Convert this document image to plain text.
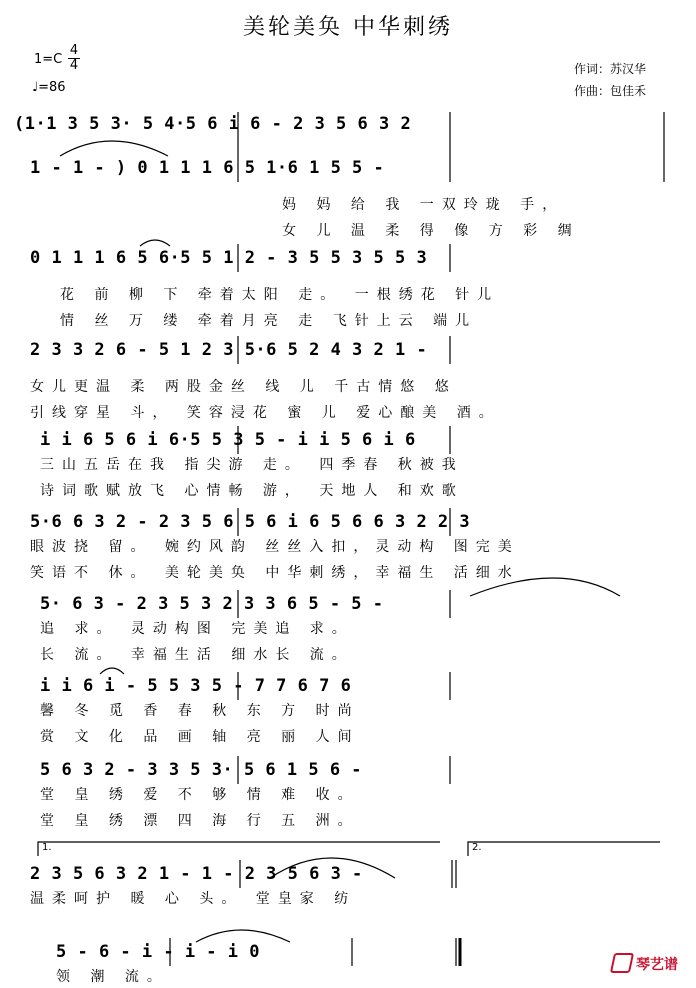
美轮美奂 中华刺绣
1=C
4
4
♩=86
作词：苏汉华
作曲：包佳禾
(1·1 3 5 3· 5 4·5 6 i 6 - 2 3 5 6 3 2
1 - 1 - ) 0 1 1 1 6 5 1·6 1 5 5 -
妈 妈 给 我 一双玲珑 手，
女 儿 温 柔 得 像 方 彩 绸
0 1 1 1 6 5 6·5 5 1 2 - 3 5 5 3 5 5 3
花 前 柳 下 牵着太阳 走。 一根绣花 针儿
情 丝 万 缕 牵着月亮 走 飞针上云 端儿
2 3 3 2 6 - 5 1 2 3 5·6 5 2 4 3 2 1 -
女儿更温 柔 两股金丝 线 儿 千古情悠 悠
引线穿星 斗， 笑容浸花 蜜 儿 爱心酿美 酒。
i i 6 5 6 i 6·5 5 3 5 - i i 5 6 i 6
三山五岳在我 指尖游 走。 四季春 秋被我
诗词歌赋放飞 心情畅 游， 天地人 和欢歌
5·6 6 3 2 - 2 3 5 6 5 6 i 6 5 6 6 3 2 2 3
眼波挠 留。 婉约风韵 丝丝入扣，灵动构 图完美
笑语不 休。 美轮美奂 中华刺绣，幸福生 活细水
5· 6 3 - 2 3 5 3 2 3 3 6 5 - 5 -
追 求。 灵动构图 完美追 求。
长 流。 幸福生活 细水长 流。
i i 6 i - 5 5 3 5 - 7 7 6 7 6
馨 冬 觅 香 春 秋 东 方 时尚
赏 文 化 品 画 轴 亮 丽 人间
5 6 3 2 - 3 3 5 3· 5 6 1 5 6 -
堂 皇 绣 爱 不 够 情 难 收。
堂 皇 绣 漂 四 海 行 五 洲。
1.	2.
2 3 5 6 3 2 1 - 1 - 2 3 5 6 3 -
温柔呵护 暖 心 头。 堂皇家 纺
5 - 6 - i - i - i 0
领 潮 流。
琴艺谱
